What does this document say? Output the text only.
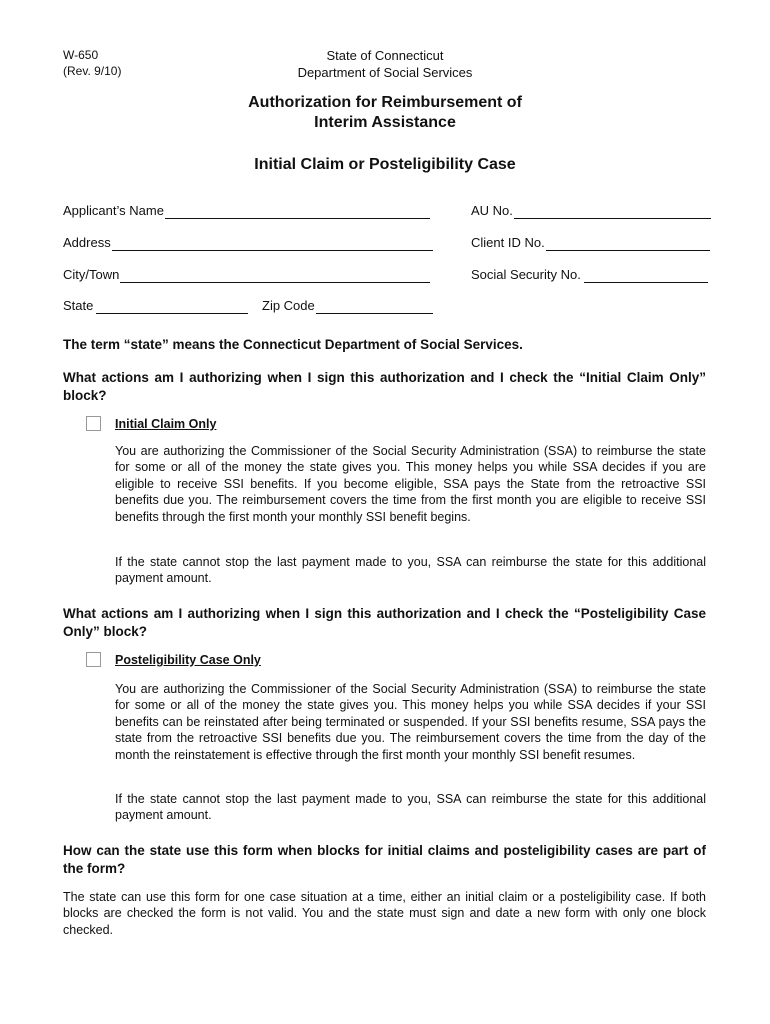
W-650
(Rev. 9/10)
State of Connecticut
Department of Social Services
Authorization for Reimbursement of
Interim Assistance
Initial Claim or Posteligibility Case
Applicant’s Name
Address
City/Town
State	Zip Code
AU No.
Client ID No.
Social Security No.
The term “state” means the Connecticut Department of Social Services.
What actions am I authorizing when I sign this authorization and I check the “Initial Claim Only” block?
Initial Claim Only
You are authorizing the Commissioner of the Social Security Administration (SSA) to reimburse the state for some or all of the money the state gives you. This money helps you while SSA decides if you are eligible to receive SSI benefits. If you become eligible, SSA pays the State from the retroactive SSI benefits due you. The reimbursement covers the time from the first month you are eligible to receive SSI benefits through the first month your monthly SSI benefit begins.
If the state cannot stop the last payment made to you, SSA can reimburse the state for this additional payment amount.
What actions am I authorizing when I sign this authorization and I check the “Posteligibility Case Only” block?
Posteligibility Case Only
You are authorizing the Commissioner of the Social Security Administration (SSA) to reimburse the state for some or all of the money the state gives you. This money helps you while SSA decides if your SSI benefits can be reinstated after being terminated or suspended. If your SSI benefits resume, SSA pays the state from the retroactive SSI benefits due you. The reimbursement covers the time from the day of the month the reinstatement is effective through the first month your monthly SSI benefit resumes.
If the state cannot stop the last payment made to you, SSA can reimburse the state for this additional payment amount.
How can the state use this form when blocks for initial claims and posteligibility cases are part of the form?
The state can use this form for one case situation at a time, either an initial claim or a posteligibility case. If both blocks are checked the form is not valid. You and the state must sign and date a new form with only one block checked.
